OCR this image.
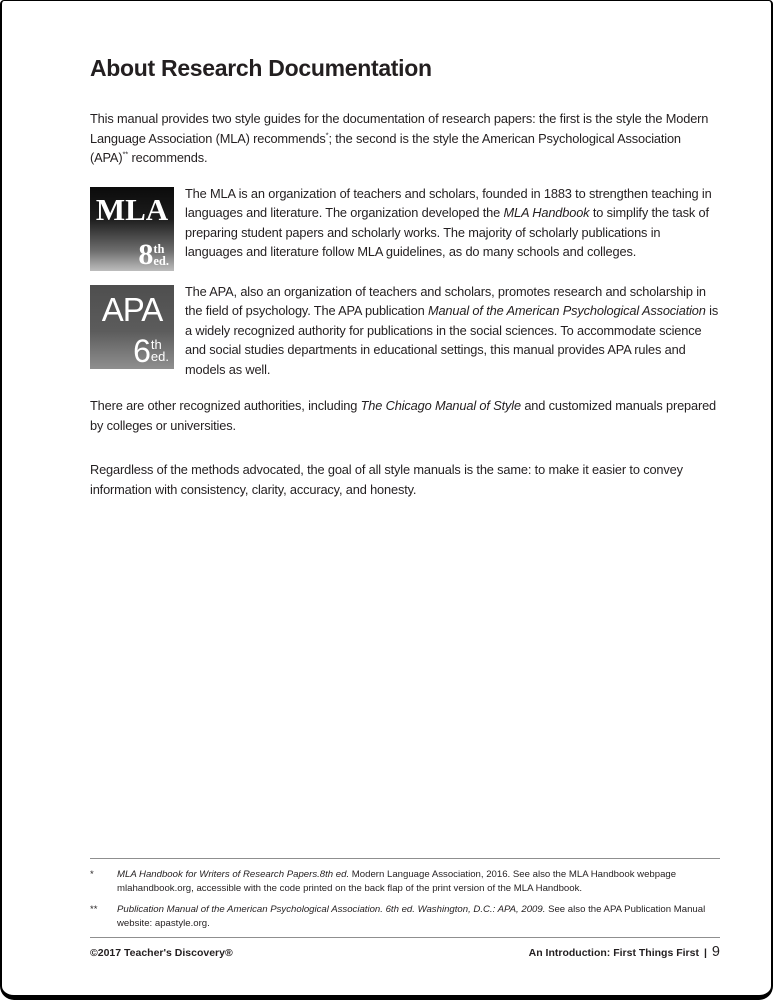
About Research Documentation

This manual provides two style guides for the documentation of research papers: the first is the style the Modern Language Association (MLA) recommends*; the second is the style the American Psychological Association (APA)** recommends.

MLA
8 th
ed.

The MLA is an organization of teachers and scholars, founded in 1883 to strengthen teaching in languages and literature. The organization developed the MLA Handbook to simplify the task of preparing student papers and scholarly works. The majority of scholarly publications in languages and literature follow MLA guidelines, as do many schools and colleges.

APA
6 th
ed.

The APA, also an organization of teachers and scholars, promotes research and scholarship in the field of psychology. The APA publication Manual of the American Psychological Association is a widely recognized authority for publications in the social sciences. To accommodate science and social studies departments in educational settings, this manual provides APA rules and models as well.

There are other recognized authorities, including The Chicago Manual of Style and customized manuals prepared by colleges or universities.

Regardless of the methods advocated, the goal of all style manuals is the same: to make it easier to convey information with consistency, clarity, accuracy, and honesty.

*	MLA Handbook for Writers of Research Papers.8th ed. Modern Language Association, 2016. See also the MLA Handbook webpage mlahandbook.org, accessible with the code printed on the back flap of the print version of the MLA Handbook.
**	Publication Manual of the American Psychological Association. 6th ed. Washington, D.C.: APA, 2009. See also the APA Publication Manual website: apastyle.org.
©2017 Teacher's Discovery®	An Introduction: First Things First | 9
